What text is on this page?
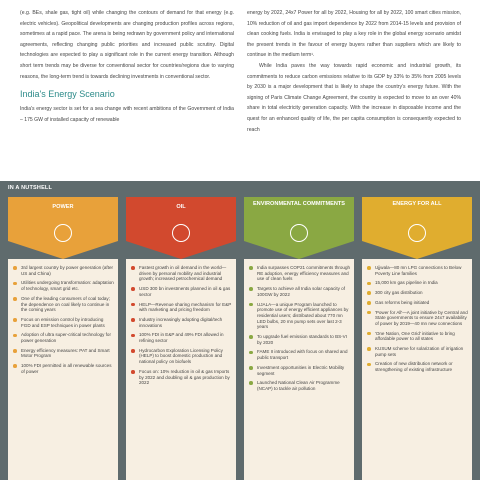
(e.g. BEs, shale gas, tight oil) while changing the contours of demand for that energy (e.g. electric vehicles). Geopolitical developments are changing production profiles across regions, sometimes at a rapid pace. The arena is being redrawn by government policy and international agreements, reflecting changing public priorities and increased public scrutiny. Digital technologies are expected to play a significant role in the current energy transition. Although short term trends may be diverse for conventional sector for countries/regions due to varying reasons, the long-term trend is towards declining investments in conventional sector.

India's Energy Scenario

India's energy sector is set for a sea change with recent ambitions of the Government of India – 175 GW of installed capacity of renewable

energy by 2022, 24x7 Power for all by 2022, Housing for all by 2022, 100 smart cities mission, 10% reduction of oil and gas import dependence by 2022 from 2014-15 levels and provision of clean cooking fuels. India is envisaged to play a key role in the global energy scenario amidst the present trends in the favour of energy buyers rather than suppliers which are likely to continue in the medium term¹.

While India paves the way towards rapid economic and industrial growth, its commitments to reduce carbon emissions relative to its GDP by 33% to 35% from 2005 levels by 2030 is a major development that is likely to shape the country's energy future. With the signing of Paris Climate Change Agreement, the country is expected to move to an over 40% share in total electricity generation capacity. With the increase in disposable income and the quest for an enhanced quality of life, the per capita consumption is consequently expected to reach

IN A NUTSHELL
POWER
3rd largest country by power generation (after US and China)
Utilities undergoing transformation: adaptation of technology, smart grid etc.
One of the leading consumers of coal today; the dependence on coal likely to continue in the coming years
Focus on emission control by introducing FGD and ESP techniques in power plants
Adoption of ultra super-critical technology for power generation
Energy efficiency measures: PAT and Smart Motor Program
100% FDI permitted in all renewable sources of power
OIL
Fastest growth in oil demand in the world—driven by personal mobility and industrial growth; increased petrochemical demand
USD 300 bn investments planned in oil & gas sector
HELP—Revenue sharing mechanism for E&P with marketing and pricing freedom
Industry increasingly adopting digital/tech innovations
100% FDI in E&P and 49% FDI allowed in refining sector
Hydrocarbon Exploration Licensing Policy (HELP) to boost domestic production and national policy on biofuels
Focus on: 10% reduction in oil & gas Imports by 2022 and doubling oil & gas production by 2022
ENVIRONMENTAL COMMITMENTS
India surpasses COP21 commitments through RE adoption, energy efficiency measures and use of clean fuels
Targets to achieve all India solar capacity of 100GW by 2022
UJALA—a unique Program launched to promote use of energy efficient appliances by residential users; distributed about 770 mn LED bulbs, 20 mn pump sets over last 2-3 years
To upgrade fuel emission standards to BS-VI by 2020
FAME II introduced with focus on shared and public transport
Investment opportunities in Electric Mobility segment
Launched National Clean Air Programme (NCAP) to tackle air pollution
ENERGY FOR ALL
Ujjwala—80 mn LPG connections to Below Poverty Line families
15,000 km gas pipeline in India
300 city gas distribution
Gas reforms being initiated
'Power for All'—A joint initiative by Central and State governments to ensure 24x7 availability of power by 2019—40 mn new connections
'One Nation, One Grid' initiative to bring affordable power to all states
KUSUM scheme for solarization of irrigation pump sets
Creation of new distribution network or strengthening of existing infrastructure
